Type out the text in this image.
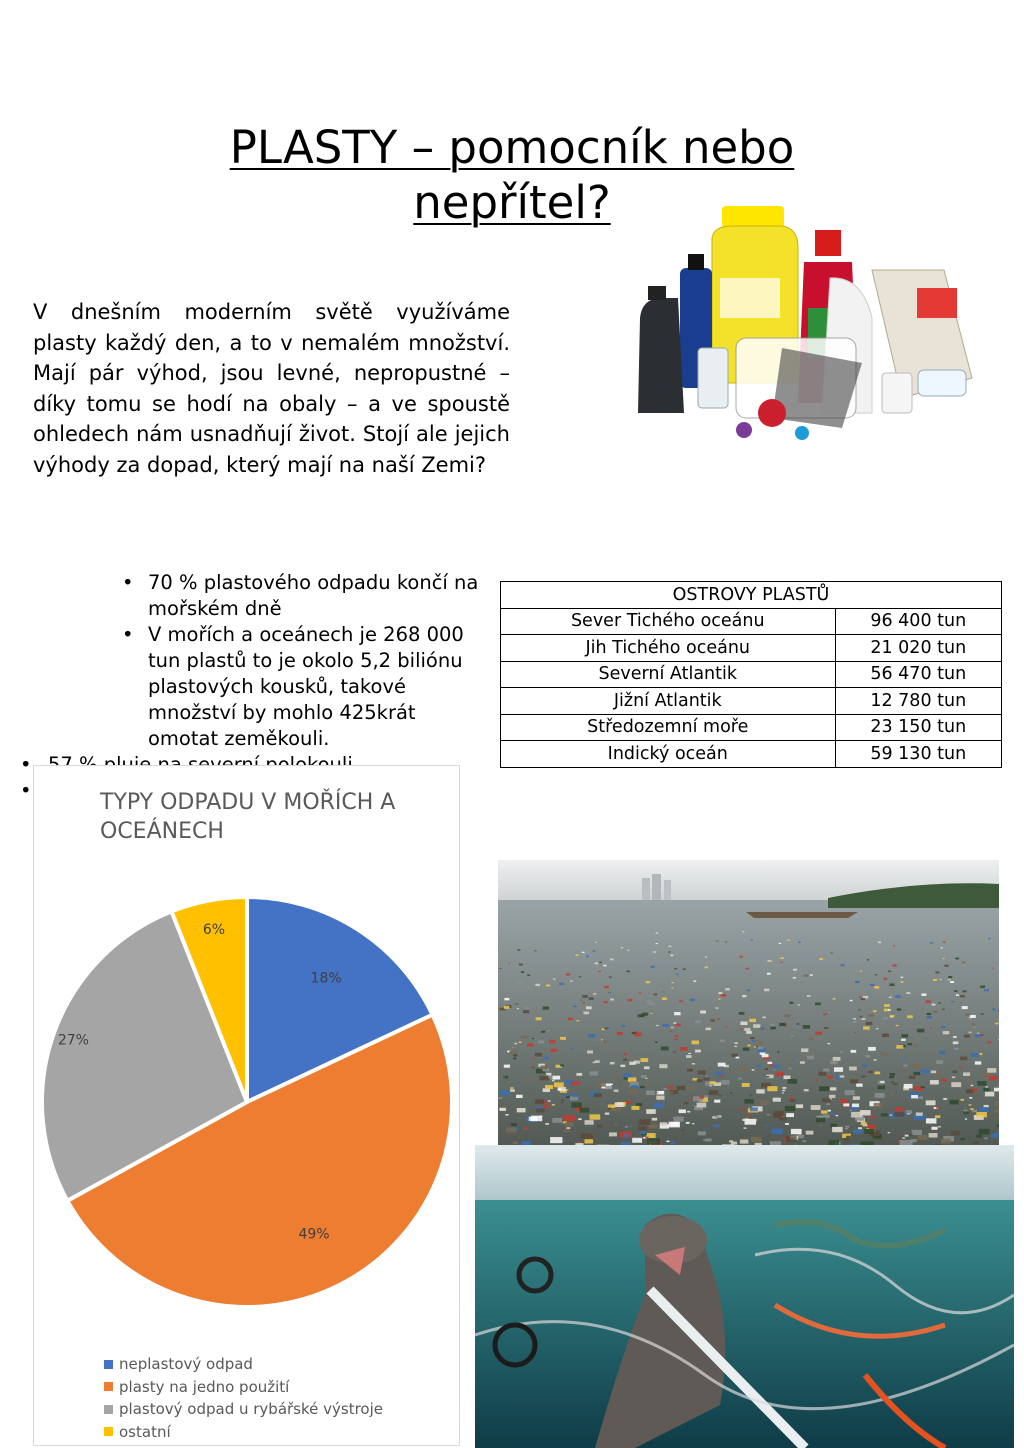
PLASTY – pomocník nebo
nepřítel?

V dnešním moderním světě využíváme plasty každý den, a to v nemalém množství. Mají pár výhod, jsou levné, nepropustné – díky tomu se hodí na obaly – a ve spoustě ohledech nám usnadňují život. Stojí ale jejich výhody za dopad, který mají na naší Zemi?

• 70 % plastového odpadu končí na mořském dně
• V mořích a oceánech je 268 000 tun plastů to je okolo 5,2 biliónu plastových kousků, takové množství by mohlo 425krát omotat zeměkouli.
•
OSTROVY PLASTŮ	
Sever Tichého oceánu	96 400 tun
Jih Tichého oceánu	21 020 tun
Severní Atlantik	56 470 tun
Jižní Atlantik	12 780 tun
Středozemní moře	23 150 tun
Indický oceán	59 130 tun
TYPY ODPADU V MOŘÍCH A OCEÁNECH
18%
49%
27%
6%
neplastový odpad
plasty na jedno použití
plastový odpad u rybářské výstroje
ostatní
